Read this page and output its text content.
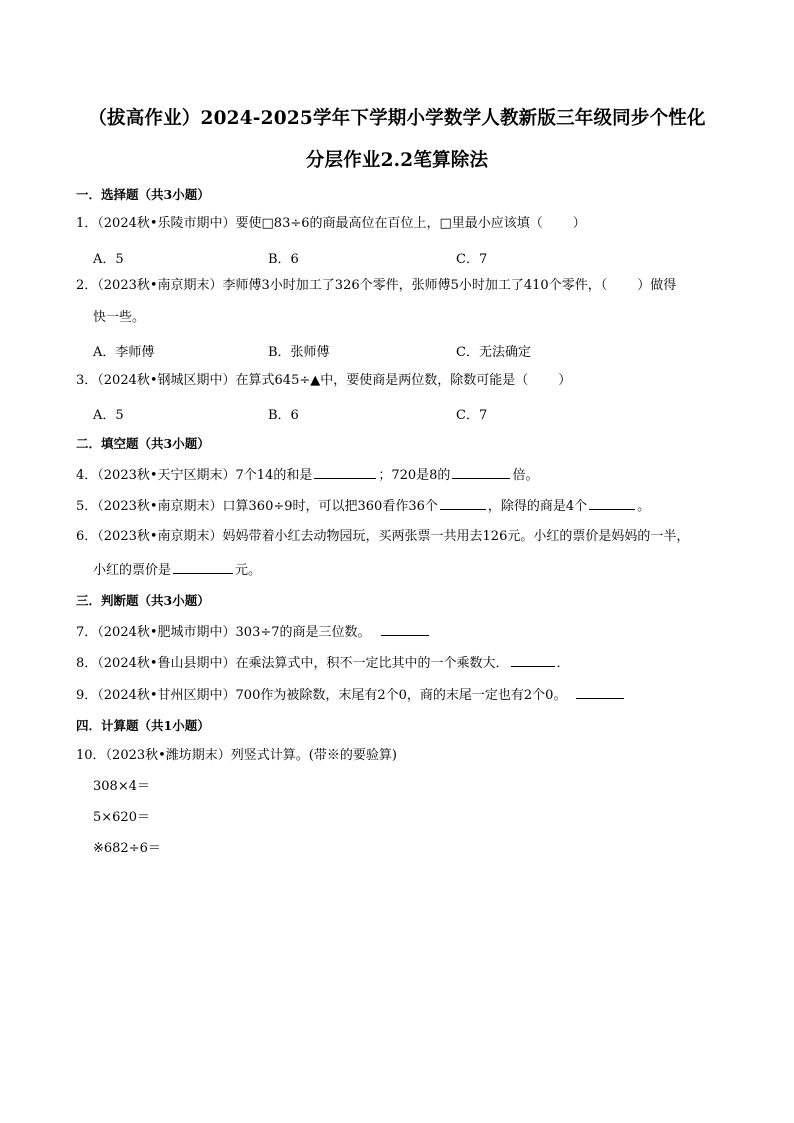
（拔高作业）2024-2025学年下学期小学数学人教新版三年级同步个性化
分层作业2.2笔算除法
一．选择题（共3小题）
1．（2024秋•乐陵市期中）要使□83÷6的商最高位在百位上，□里最小应该填（ ）
A．5	B．6	C．7
2．（2023秋•南京期末）李师傅3小时加工了326个零件，张师傅5小时加工了410个零件，（ ）做得
快一些。
A．李师傅	B．张师傅	C．无法确定
3．（2024秋•钢城区期中）在算式645÷▲中，要使商是两位数，除数可能是（ ）
A．5	B．6	C．7
二．填空题（共3小题）
4．（2023秋•天宁区期末）7个14的和是	；720是8的	倍。
5．（2023秋•南京期末）口算360÷9时，可以把360看作36个	，除得的商是4个	。
6．（2023秋•南京期末）妈妈带着小红去动物园玩，买两张票一共用去126元。小红的票价是妈妈的一半，
小红的票价是	元。
三．判断题（共3小题）
7．（2024秋•肥城市期中）303÷7的商是三位数。
8．（2024秋•鲁山县期中）在乘法算式中，积不一定比其中的一个乘数大．	．
9．（2024秋•甘州区期中）700作为被除数，末尾有2个0，商的末尾一定也有2个0。
四．计算题（共1小题）
10．（2023秋•潍坊期末）列竖式计算。(带※的要验算)
308×4＝
5×620＝
※682÷6＝
